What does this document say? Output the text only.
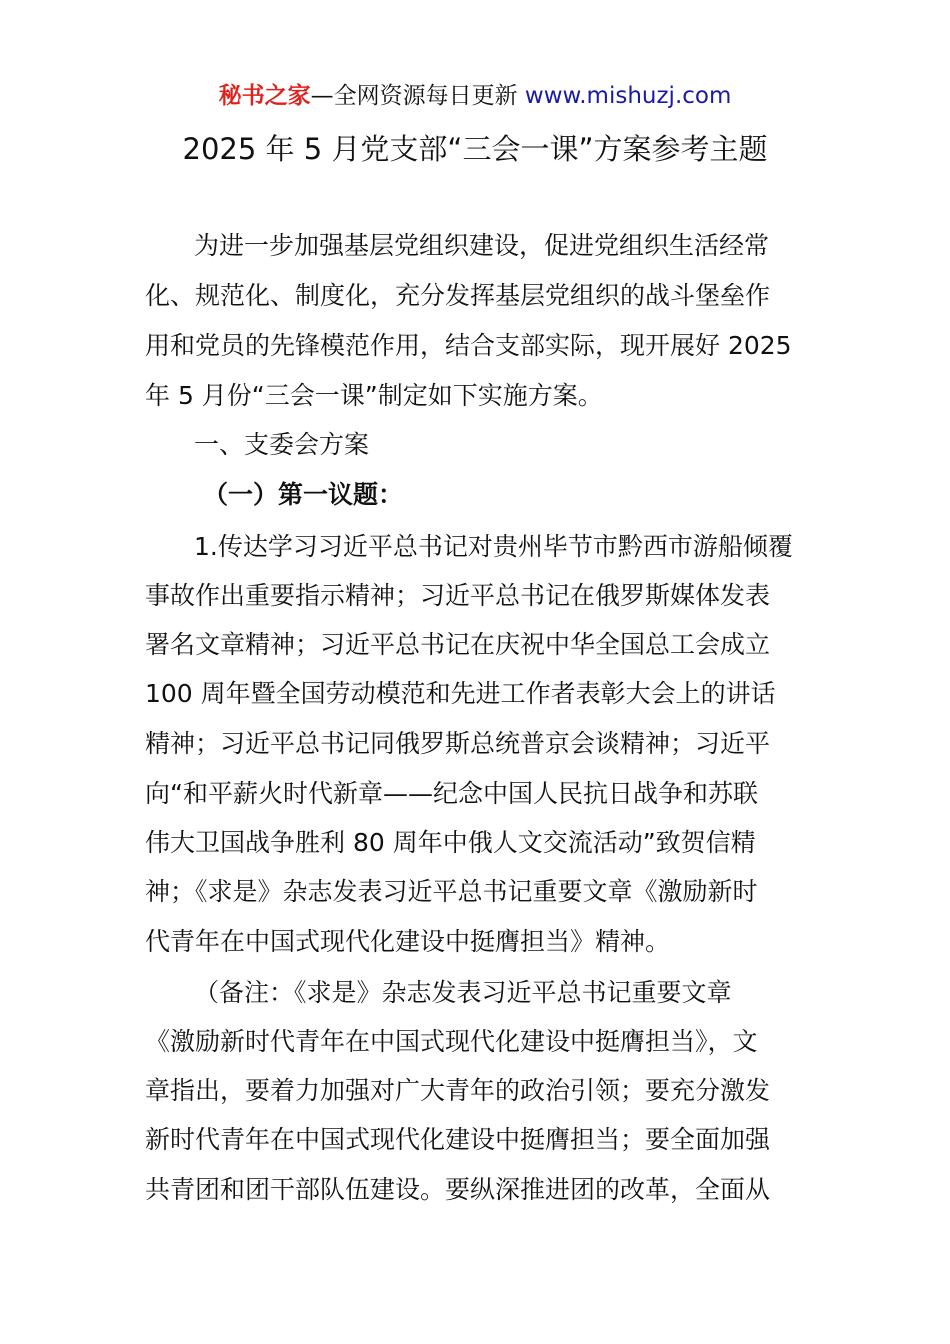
秘书之家—全网资源每日更新 www.mishuzj.com
2025 年 5 月党支部“三会一课”方案参考主题
为进一步加强基层党组织建设，促进党组织生活经常
化、规范化、制度化，充分发挥基层党组织的战斗堡垒作
用和党员的先锋模范作用，结合支部实际，现开展好 2025
年 5 月份“三会一课”制定如下实施方案。
一、支委会方案
（一）第一议题：
1.传达学习习近平总书记对贵州毕节市黔西市游船倾覆
事故作出重要指示精神；习近平总书记在俄罗斯媒体发表
署名文章精神；习近平总书记在庆祝中华全国总工会成立
100 周年暨全国劳动模范和先进工作者表彰大会上的讲话
精神；习近平总书记同俄罗斯总统普京会谈精神；习近平
向“和平薪火时代新章——纪念中国人民抗日战争和苏联
伟大卫国战争胜利 80 周年中俄人文交流活动”致贺信精
神；《求是》杂志发表习近平总书记重要文章《激励新时
代青年在中国式现代化建设中挺膺担当》精神。
（备注：《求是》杂志发表习近平总书记重要文章
《激励新时代青年在中国式现代化建设中挺膺担当》，文
章指出，要着力加强对广大青年的政治引领；要充分激发
新时代青年在中国式现代化建设中挺膺担当；要全面加强
共青团和团干部队伍建设。要纵深推进团的改革，全面从
